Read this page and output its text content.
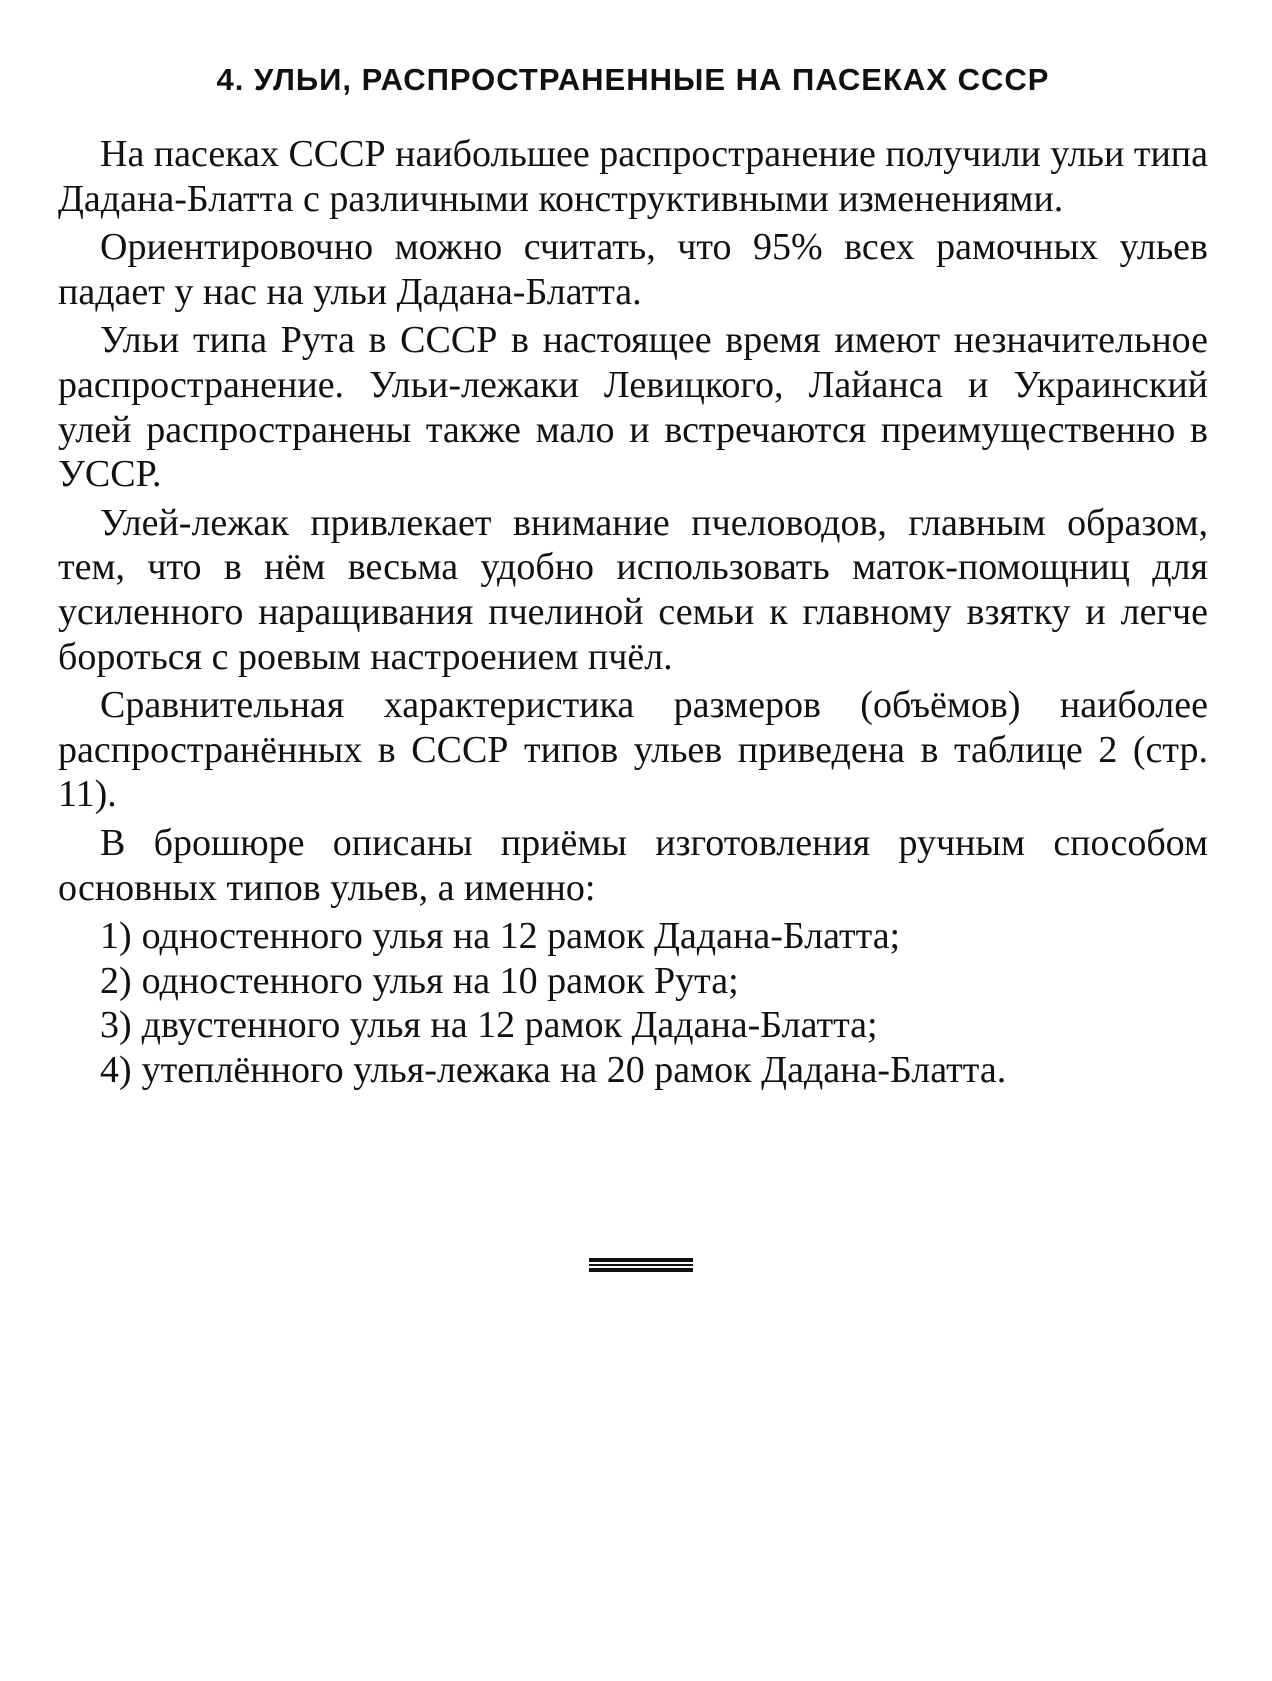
4. УЛЬИ, РАСПРОСТРАНЕННЫЕ НА ПАСЕКАХ СССР

На пасеках СССР наибольшее распространение получили ульи типа Дадана-Блатта с различными конструктивными изменениями.

Ориентировочно можно считать, что 95% всех рамочных ульев падает у нас на ульи Дадана-Блатта.

Ульи типа Рута в СССР в настоящее время имеют незначительное распространение. Ульи-лежаки Левицкого, Лайанса и Украинский улей распространены также мало и встречаются преимущественно в УССР.

Улей-лежак привлекает внимание пчеловодов, главным образом, тем, что в нём весьма удобно использовать маток-помощниц для усиленного наращивания пчелиной семьи к главному взятку и легче бороться с роевым настроением пчёл.

Сравнительная характеристика размеров (объёмов) наиболее распространённых в СССР типов ульев приведена в таблице 2 (стр. 11).

В брошюре описаны приёмы изготовления ручным способом основных типов ульев, а именно:

1) одностенного улья на 12 рамок Дадана-Блатта;
2) одностенного улья на 10 рамок Рута;
3) двустенного улья на 12 рамок Дадана-Блатта;
4) утеплённого улья-лежака на 20 рамок Дадана-Блатта.
